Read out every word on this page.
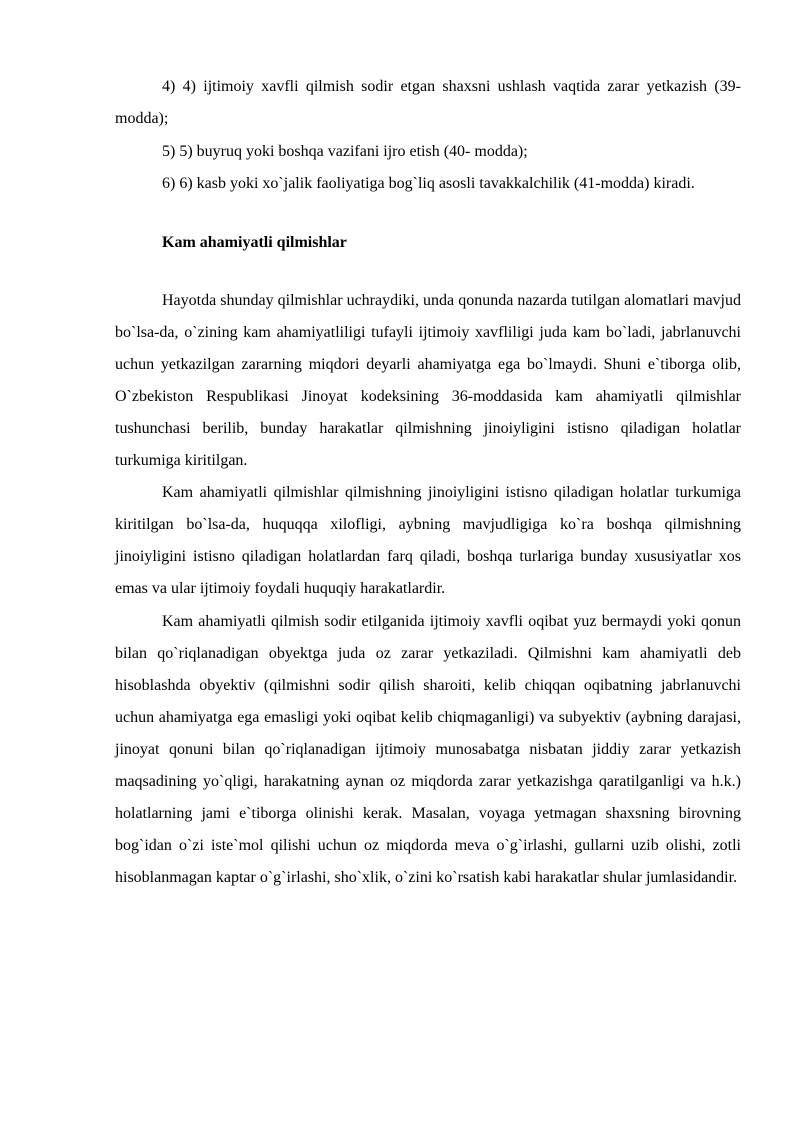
4) 4) ijtimoiy xavfli qilmish sodir etgan shaxsni ushlash vaqtida zarar yetkazish (39-modda);

5) 5) buyruq yoki boshqa vazifani ijro etish (40- modda);

6) 6) kasb yoki xo`jalik faoliyatiga bog`liq asosli tavakkalchilik (41-modda) kiradi.

Kam ahamiyatli qilmishlar

Hayotda shunday qilmishlar uchraydiki, unda qonunda nazarda tutilgan alomatlari mavjud bo`lsa-da, o`zining kam ahamiyatliligi tufayli ijtimoiy xavfliligi juda kam bo`ladi, jabrlanuvchi uchun yetkazilgan zararning miqdori deyarli ahamiyatga ega bo`lmaydi. Shuni e`tiborga olib, O`zbekiston Respublikasi Jinoyat kodeksining 36-moddasida kam ahamiyatli qilmishlar tushunchasi berilib, bunday harakatlar qilmishning jinoiyligini istisno qiladigan holatlar turkumiga kiritilgan.

Kam ahamiyatli qilmishlar qilmishning jinoiyligini istisno qiladigan holatlar turkumiga kiritilgan bo`lsa-da, huquqqa xilofligi, aybning mavjudligiga ko`ra boshqa qilmishning jinoiyligini istisno qiladigan holatlardan farq qiladi, boshqa turlariga bunday xususiyatlar xos emas va ular ijtimoiy foydali huquqiy harakatlardir.

Kam ahamiyatli qilmish sodir etilganida ijtimoiy xavfli oqibat yuz bermaydi yoki qonun bilan qo`riqlanadigan obyektga juda oz zarar yetkaziladi. Qilmishni kam ahamiyatli deb hisoblashda obyektiv (qilmishni sodir qilish sharoiti, kelib chiqqan oqibatning jabrlanuvchi uchun ahamiyatga ega emasligi yoki oqibat kelib chiqmaganligi) va subyektiv (aybning darajasi, jinoyat qonuni bilan qo`riqlanadigan ijtimoiy munosabatga nisbatan jiddiy zarar yetkazish maqsadining yo`qligi, harakatning aynan oz miqdorda zarar yetkazishga qaratilganligi va h.k.) holatlarning jami e`tiborga olinishi kerak. Masalan, voyaga yetmagan shaxsning birovning bog`idan o`zi iste`mol qilishi uchun oz miqdorda meva o`g`irlashi, gullarni uzib olishi, zotli hisoblanmagan kaptar o`g`irlashi, sho`xlik, o`zini ko`rsatish kabi harakatlar shular jumlasidandir.
